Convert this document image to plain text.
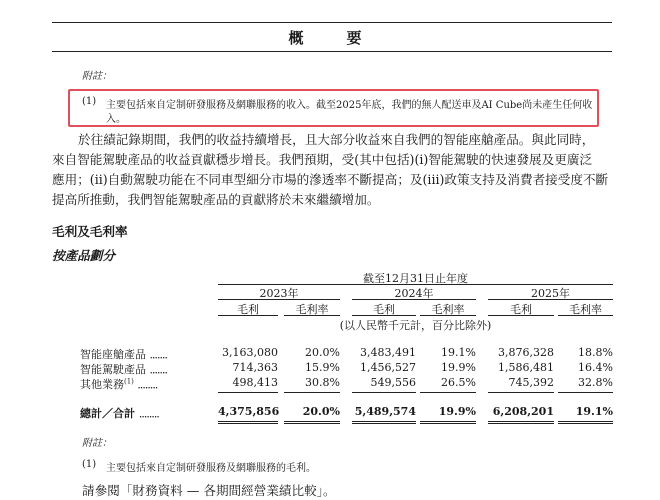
概　要
附註：
(1) 主要包括來自定制研發服務及網聯服務的收入。截至2025年底，我們的無人配送車及AI Cube尚未產生任何收
入。
於往績記錄期間，我們的收益持續增長，且大部分收益來自我們的智能座艙產品。與此同時，
來自智能駕駛產品的收益貢獻穩步增長。我們預期，受(其中包括)(i)智能駕駛的快速發展及更廣泛
應用；(ii)自動駕駛功能在不同車型細分市場的滲透率不斷提高；及(iii)政策支持及消費者接受度不斷
提高所推動，我們智能駕駛產品的貢獻將於未來繼續增加。
毛利及毛利率
按產品劃分
截至12月31日止年度
2023年	2024年	2025年
毛利	毛利率	毛利	毛利率	毛利	毛利率
(以人民幣千元計，百分比除外)
智能座艙產品 ．．．．．．．	3,163,080	20.0%	3,483,491	19.1%	3,876,328	18.8%
智能駕駛產品 ．．．．．．．	714,363	15.9%	1,456,527	19.9%	1,586,481	16.4%
其他業務$^{(1)}$ ．．．．．．．．	498,413	30.8%	549,556	26.5%	745,392	32.8%
總計／合計 ．．．．．．．．	4,375,856	20.0% 5,489,574	19.9%	6,208,201	19.1%
附註：
(1) 主要包括來自定制研發服務及網聯服務的毛利。
請參閱「財務資料 — 各期間經營業績比較」。
